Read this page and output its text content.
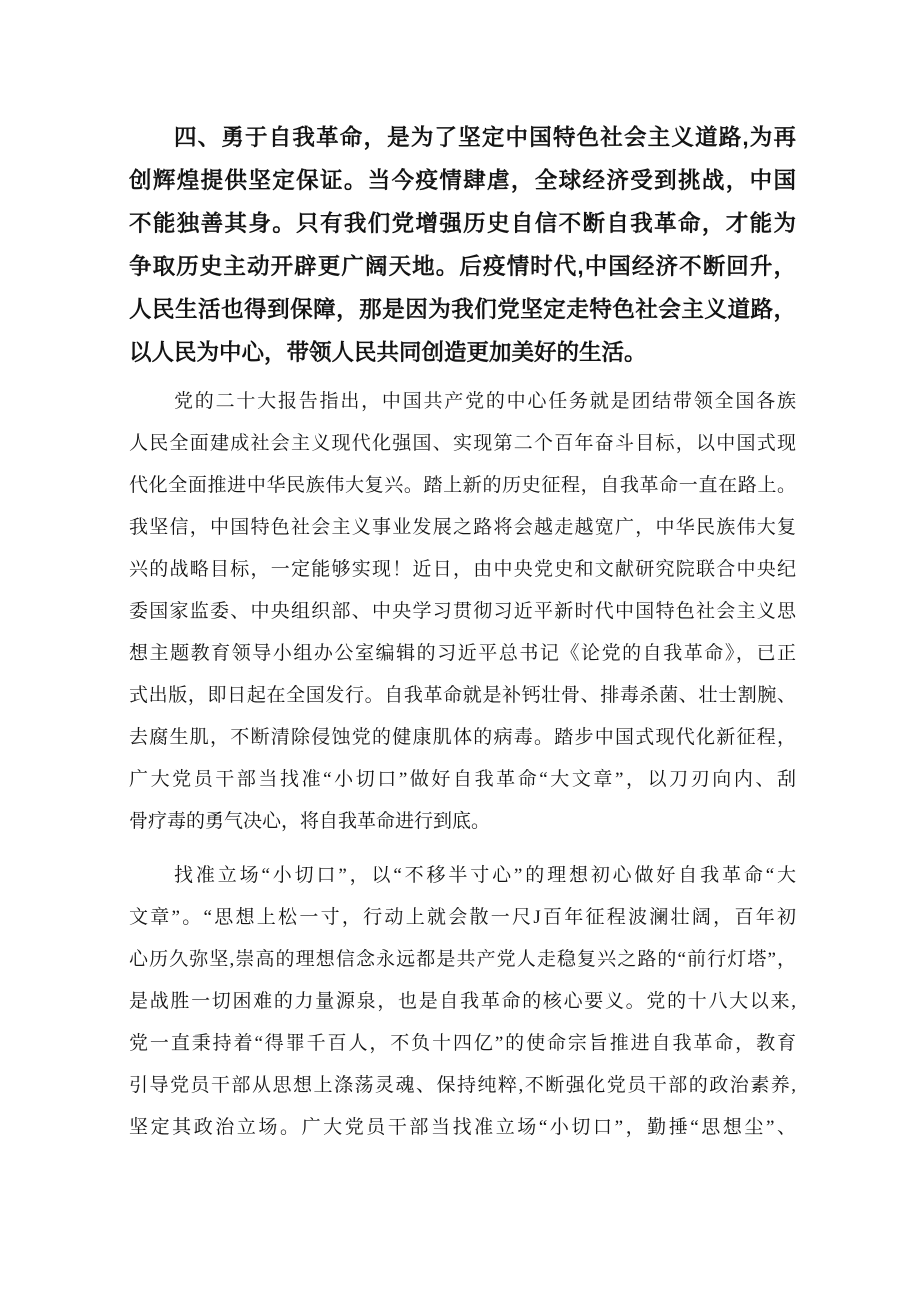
四、勇于自我革命，是为了坚定中国特色社会主义道路,为再
创辉煌提供坚定保证。当今疫情肆虐，全球经济受到挑战，中国
不能独善其身。只有我们党增强历史自信不断自我革命，才能为
争取历史主动开辟更广阔天地。后疫情时代,中国经济不断回升，
人民生活也得到保障，那是因为我们党坚定走特色社会主义道路，
以人民为中心，带领人民共同创造更加美好的生活。
党的二十大报告指出，中国共产党的中心任务就是团结带领全国各族
人民全面建成社会主义现代化强国、实现第二个百年奋斗目标，以中国式现
代化全面推进中华民族伟大复兴。踏上新的历史征程，自我革命一直在路上。
我坚信，中国特色社会主义事业发展之路将会越走越宽广，中华民族伟大复
兴的战略目标，一定能够实现！近日，由中央党史和文献研究院联合中央纪
委国家监委、中央组织部、中央学习贯彻习近平新时代中国特色社会主义思
想主题教育领导小组办公室编辑的习近平总书记《论党的自我革命》，已正
式出版，即日起在全国发行。自我革命就是补钙壮骨、排毒杀菌、壮士割腕、
去腐生肌，不断清除侵蚀党的健康肌体的病毒。踏步中国式现代化新征程，
广大党员干部当找准“小切口”做好自我革命“大文章”，以刀刃向内、刮
骨疗毒的勇气决心，将自我革命进行到底。
找准立场“小切口”，以“不移半寸心”的理想初心做好自我革命“大
文章”。“思想上松一寸，行动上就会散一尺J百年征程波澜壮阔，百年初
心历久弥坚,崇高的理想信念永远都是共产党人走稳复兴之路的“前行灯塔”，
是战胜一切困难的力量源泉，也是自我革命的核心要义。党的十八大以来,
党一直秉持着“得罪千百人，不负十四亿”的使命宗旨推进自我革命，教育
引导党员干部从思想上涤荡灵魂、保持纯粹,不断强化党员干部的政治素养,
坚定其政治立场。广大党员干部当找准立场“小切口”，勤捶“思想尘”、
